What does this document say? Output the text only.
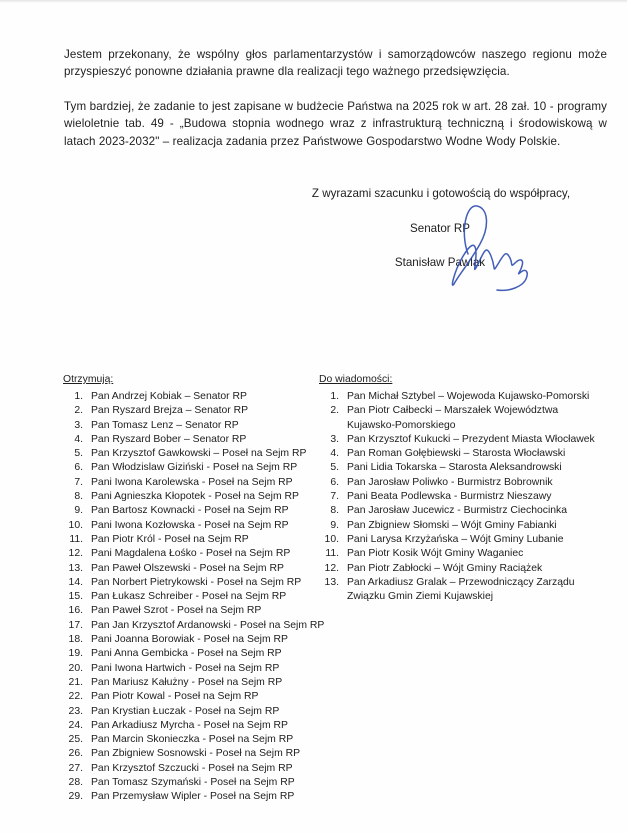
Jestem przekonany, że wspólny głos parlamentarzystów i samorządowców naszego regionu może przyspieszyć ponowne działania prawne dla realizacji tego ważnego przedsięwzięcia.

Tym bardziej, że zadanie to jest zapisane w budżecie Państwa na 2025 rok w art. 28 zał. 10 - programy wieloletnie tab. 49 - „Budowa stopnia wodnego wraz z infrastrukturą techniczną i środowiskową w latach 2023-2032" – realizacja zadania przez Państwowe Gospodarstwo Wodne Wody Polskie.

Z wyrazami szacunku i gotowością do współpracy,
Senator RP
Stanisław Pawlak
Otrzymują:
1. Pan Andrzej Kobiak – Senator RP
2. Pan Ryszard Brejza – Senator RP
3. Pan Tomasz Lenz – Senator RP
4. Pan Ryszard Bober – Senator RP
5. Pan Krzysztof Gawkowski – Poseł na Sejm RP
6. Pan Włodzislaw Giziński - Poseł na Sejm RP
7. Pani Iwona Karolewska - Poseł na Sejm RP
8. Pani Agnieszka Kłopotek - Poseł na Sejm RP
9. Pan Bartosz Kownacki - Poseł na Sejm RP
10. Pani Iwona Kozłowska - Poseł na Sejm RP
11. Pan Piotr Król - Poseł na Sejm RP
12. Pani Magdalena Łośko - Poseł na Sejm RP
13. Pan Paweł Olszewski - Poseł na Sejm RP
14. Pan Norbert Pietrykowski - Poseł na Sejm RP
15. Pan Łukasz Schreiber - Poseł na Sejm RP
16. Pan Paweł Szrot - Poseł na Sejm RP
17. Pan Jan Krzysztof Ardanowski - Poseł na Sejm RP
18. Pani Joanna Borowiak - Poseł na Sejm RP
19. Pani Anna Gembicka - Poseł na Sejm RP
20. Pani Iwona Hartwich - Poseł na Sejm RP
21. Pan Mariusz Kałużny - Poseł na Sejm RP
22. Pan Piotr Kowal - Poseł na Sejm RP
23. Pan Krystian Łuczak - Poseł na Sejm RP
24. Pan Arkadiusz Myrcha - Poseł na Sejm RP
25. Pan Marcin Skonieczka - Poseł na Sejm RP
26. Pan Zbigniew Sosnowski - Poseł na Sejm RP
27. Pan Krzysztof Szczucki - Poseł na Sejm RP
28. Pan Tomasz Szymański - Poseł na Sejm RP
29. Pan Przemysław Wipler - Poseł na Sejm RP
Do wiadomości:
1. Pan Michał Sztybel – Wojewoda Kujawsko-Pomorski
2. Pan Piotr Całbecki – Marszałek Województwa Kujawsko-Pomorskiego
3. Pan Krzysztof Kukucki – Prezydent Miasta Włocławek
4. Pan Roman Gołębiewski – Starosta Włocławski
5. Pani Lidia Tokarska – Starosta Aleksandrowski
6. Pan Jarosław Poliwko - Burmistrz Bobrownik
7. Pani Beata Podlewska - Burmistrz Nieszawy
8. Pan Jarosław Jucewicz - Burmistrz Ciechocinka
9. Pan Zbigniew Słomski – Wójt Gminy Fabianki
10. Pani Larysa Krzyżańska – Wójt Gminy Lubanie
11. Pan Piotr Kosik Wójt Gminy Waganiec
12. Pan Piotr Zabłocki – Wójt Gminy Raciążek
13. Pan Arkadiusz Gralak – Przewodniczący Zarządu Związku Gmin Ziemi Kujawskiej
